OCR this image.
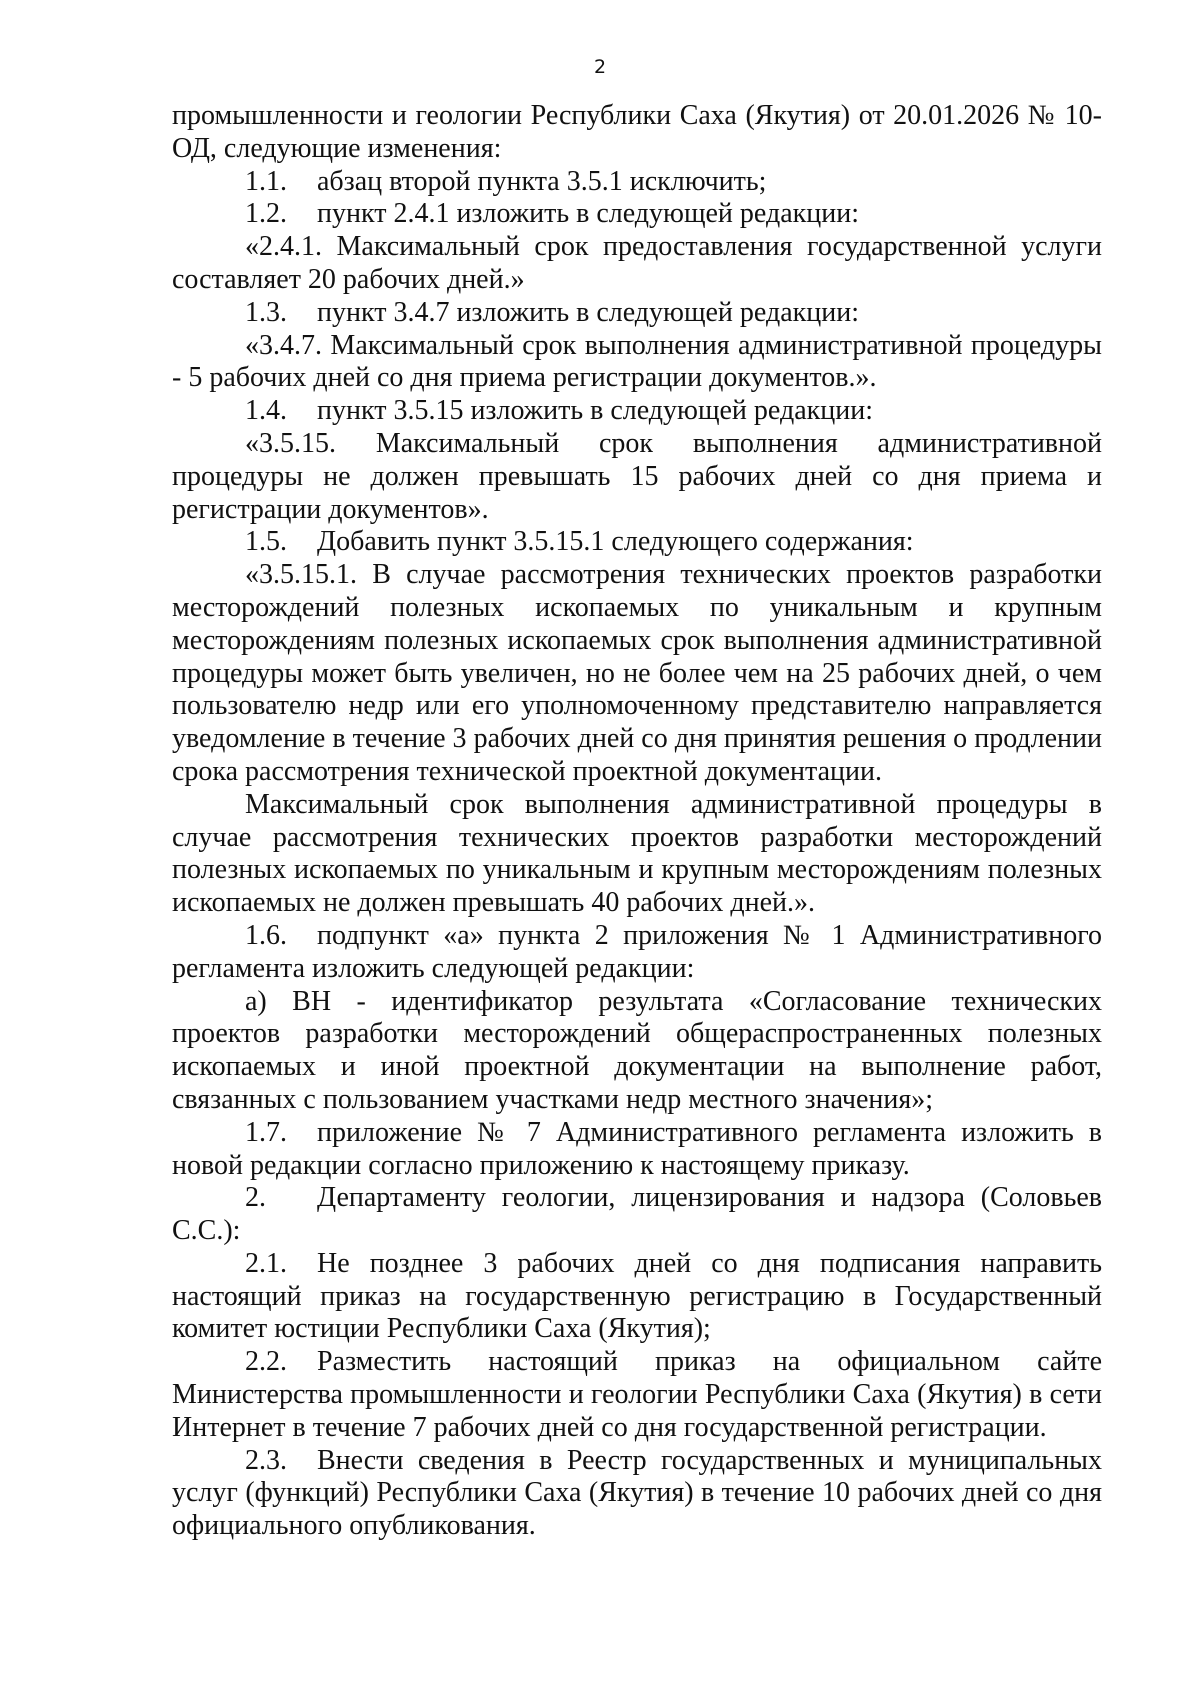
2

промышленности и геологии Республики Саха (Якутия) от 20.01.2026 № 10-ОД, следующие изменения:

1.1. абзац второй пункта 3.5.1 исключить;

1.2. пункт 2.4.1 изложить в следующей редакции:

«2.4.1. Максимальный срок предоставления государственной услуги составляет 20 рабочих дней.»

1.3. пункт 3.4.7 изложить в следующей редакции:

«3.4.7. Максимальный срок выполнения административной процедуры - 5 рабочих дней со дня приема регистрации документов.».

1.4. пункт 3.5.15 изложить в следующей редакции:

«3.5.15. Максимальный срок выполнения административной процедуры не должен превышать 15 рабочих дней со дня приема и регистрации документов».

1.5. Добавить пункт 3.5.15.1 следующего содержания:

«3.5.15.1. В случае рассмотрения технических проектов разработки месторождений полезных ископаемых по уникальным и крупным месторождениям полезных ископаемых срок выполнения административной процедуры может быть увеличен, но не более чем на 25 рабочих дней, о чем пользователю недр или его уполномоченному представителю направляется уведомление в течение 3 рабочих дней со дня принятия решения о продлении срока рассмотрения технической проектной документации.

Максимальный срок выполнения административной процедуры в случае рассмотрения технических проектов разработки месторождений полезных ископаемых по уникальным и крупным месторождениям полезных ископаемых не должен превышать 40 рабочих дней.».

1.6. подпункт «а» пункта 2 приложения № 1 Административного регламента изложить следующей редакции:

а) ВН - идентификатор результата «Согласование технических проектов разработки месторождений общераспространенных полезных ископаемых и иной проектной документации на выполнение работ, связанных с пользованием участками недр местного значения»;

1.7. приложение № 7 Административного регламента изложить в новой редакции согласно приложению к настоящему приказу.

2. Департаменту геологии, лицензирования и надзора (Соловьев С.С.):

2.1. Не позднее 3 рабочих дней со дня подписания направить настоящий приказ на государственную регистрацию в Государственный комитет юстиции Республики Саха (Якутия);

2.2. Разместить настоящий приказ на официальном сайте Министерства промышленности и геологии Республики Саха (Якутия) в сети Интернет в течение 7 рабочих дней со дня государственной регистрации.

2.3. Внести сведения в Реестр государственных и муниципальных услуг (функций) Республики Саха (Якутия) в течение 10 рабочих дней со дня официального опубликования.
